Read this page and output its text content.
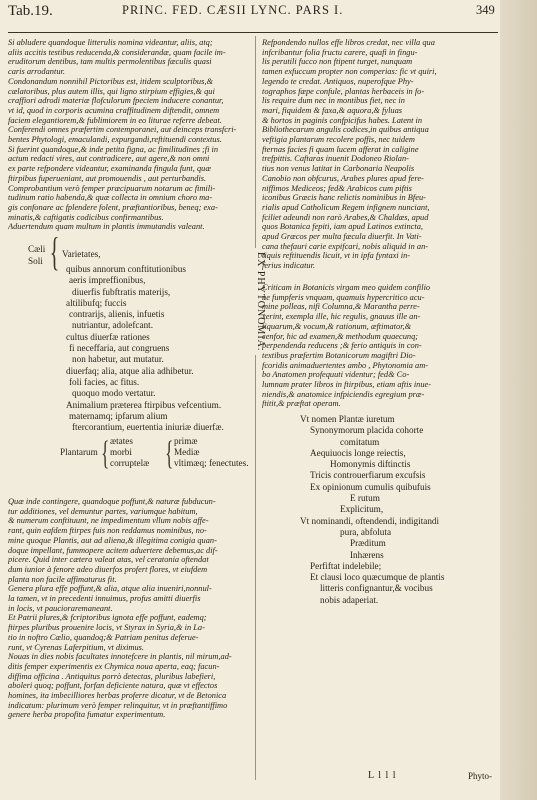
Tab.19.	PRINC. FED. CÆSII LYNC. PARS I.	349
Si abludere quandoque litterulis nomina videantur, aliis, atq;
aliis accitis testibus reducenda,& considerandæ, quam facile im-
eruditorum dentibus, tam multis permolentibus fæculis quasi
caris arrodantur.
Condonandum nonnihil Pictoribus est, itidem sculptoribus,&
cælatoribus, plus autem illis, qui ligno stirpium effigies,& qui
craffiori adrodi materiæ flofculorum fpeciem inducere conantur,
vt id, quod in corporis acumina craffitudinem diftendit, omnem
faciem elegantiorem,& fublimiorem in eo liturae referre debeat.
Conferendi omnes præfertim contemporanei, aut deinceps transfcri-
bentes Phytologi, emaculandi, expurgandi,reftituendi contextus.
Si fuerint quandoque,& inde petita figna, ac fimilitudines ;fi in
actum redacti vires, aut contradicere, aut agere,& non omni
ex parte refpondere videantur, examinanda fingula funt, quæ
ftirpibus fuperueniant, aut promouendis , aut perturbandis.
Comprobantium verò femper præcipuarum notarum ac fimili-
tudinum ratio habenda,& quæ collecta in omnium choro ma-
gis confonare ac fplendere folent, præftantioribus, beneq; exa-
minatis,& caftigatis codicibus confirmantibus.
Aduertendum quam multum in plantis immutandis valeant.
Cæli
Soli { Varietates,
quibus annorum conftitutionibus
aeris impreffionibus,
diuerfis fubftratis materijs,
altilibufq; fuccis
contrarijs, alienis, infuetis
nutriantur, adolefcant.
cultus diuerfæ rationes
fi neceffaria, aut congruens
non habetur, aut mutatur.
diuerfaq; alia, atque alia adhibetur.
foli facies, ac fitus.
quoquo modo vertatur.
Animalium præterea ftirpibus vefcentium.
maternamq; ipfarum alium
ftercorantium, euertentia iniuriæ diuerfæ.
Plantarum { ætates
morbi
corruptelæ { primæ
Mediæ
vltimæq; fenectutes.
Quæ inde contingere, quandoque poffunt,& naturæ fubducun-
tur additiones, vel demuntur partes, variumque habitum,
& numerum conftituunt, ne impedimentum vllum nobis affe-
rant, quin eafdem ftirpes fuis non reddamus nominibus, no-
mine quoque Plantis, aut ad aliena,& illegitima conigia quan-
doque impellant, fummopere acitem aduertere debemus,ac dif-
picere. Quid inter cætera valeat atas, vel ceratonia oftendat
dum iunior à fenore adeo diuerfos profert flores, vt eiufdem
planta non facile affimaturus fit.
Genera plura effe poffunt,& alia, atque alia inueniri,nonnul-
la tamen, vt in precedenti innuimus, profus amitti diuerfis
in locis, vt paucioraremaneant.
Et Patrii plures,& fcriptoribus ignota effe poffunt, eademq;
ftirpes pluribus prouenire locis, vt Styrax in Syria,& in La-
tio in noftro Cælio, quandoq;& Patriam penitus deferue-
runt, vt Cyrenas Laferpitium, vt diximus.
Nouas in dies nobis facultates innotefcere in plantis, nil mirum,ad-
ditis femper experimentis ex Chymica noua aperta, eaq; facun-
diffima officina . Antiquitus porrò detectas, pluribus labefieri,
aboleri quoq; poffunt, forfan deficiente natura, quæ vt effectos
homines, ita imbecilliores herbas proferre dicatur, vt de Betonica
indicatum: plurimum verò femper relinquitur, vt in præftantiffimo
genere herba propofita fumatur experimentum.
EX PHYTONOMIA.
Refpondendo nullos effe libros credat, nec villa qua
infcribantur folia fructu carere, quafi in fingu-
lis perutili fucco non ftipent turget, nunquam
tamen exfuccum propter non comperias: fic vt quiri,
legendo te credat. Antiquos, nuperofque Phy-
tographos fæpe confule, plantas herbaceis in fo-
lis require dum nec in montibus fiet, nec in
mari, fiquidem & faxa,& aquora,& fyluas
& hortos in paginis confpicifus habes. Latent in
Bibliothecarum angulis codices,in quibus antiqua
veftigia plantarum recolere poffis, nec tuidem
fternas facies fi quam lucem afferat in caligine
trefpittis. Caftaras inuenit Dodoneo Riolan-
tius non venus latitat in Carbonaria Neapolis
Canobio non obfcurus, Arabes plures apud fere-
niffimos Mediceos; fed& Arabicos cum piftis
iconibus Græcis hanc relictis nominibus in Bfeu-
rialis apud Catholicum Regem infignem nunciant,
fciliet adeundi non rarò Arabes,& Chaldæs, apud
quos Botanica fepiti, iam apud Latinos extincta,
apud Græcos per multa fæcula diuerfit. In Vati-
cana thefauri carie expifcari, nobis aliquid in an-
tiquis reftituendis licuit, vt in ipfa fyntaxi in-
ferius indicatur.
Criticam in Botanicis virgam meo quidem confilio
ne fumpferis vnquam, quamuis hypercritico acu-
mine polleas, nifi Columna,& Marantha perre-
xerint, exempla ille, hic regulis, gnauus ille an-
tiquarum,& vocum,& rationum, æftimator,&
cenfor, hic ad examen,& methodum quaecunq;
perpendenda reducens ;& ferio antiquis in con-
textibus præfertim Botanicorum magiftri Dio-
fcoridis animaduertentes ambo , Phytonomia am-
bo Anatomen profequuti videntur; fed& Co-
lumnam prater libros in ftirpibus, etiam aftis inue-
niendis,& anatomice infpiciendis egregium præ-
ftitit,& præftat operam.
Vt nomen Plantæ iuretum
Synonymorum placida cohorte
comitatum
Aequiuocis longe reiectis,
Homonymis diftinctis
Tricis controuerfiarum excufsis
Ex opinionum cumulis quibufuis
E rutum
Explicitum,
Vt nominandi, oftendendi, indigitandi
pura, abfoluta
Præditum
Inhærens
Perfiftat indelebile;
Et clausi loco quæcumque de plantis
litteris confignantur,& vocibus
nobis adaperiat.
L l l l	Phyto-
